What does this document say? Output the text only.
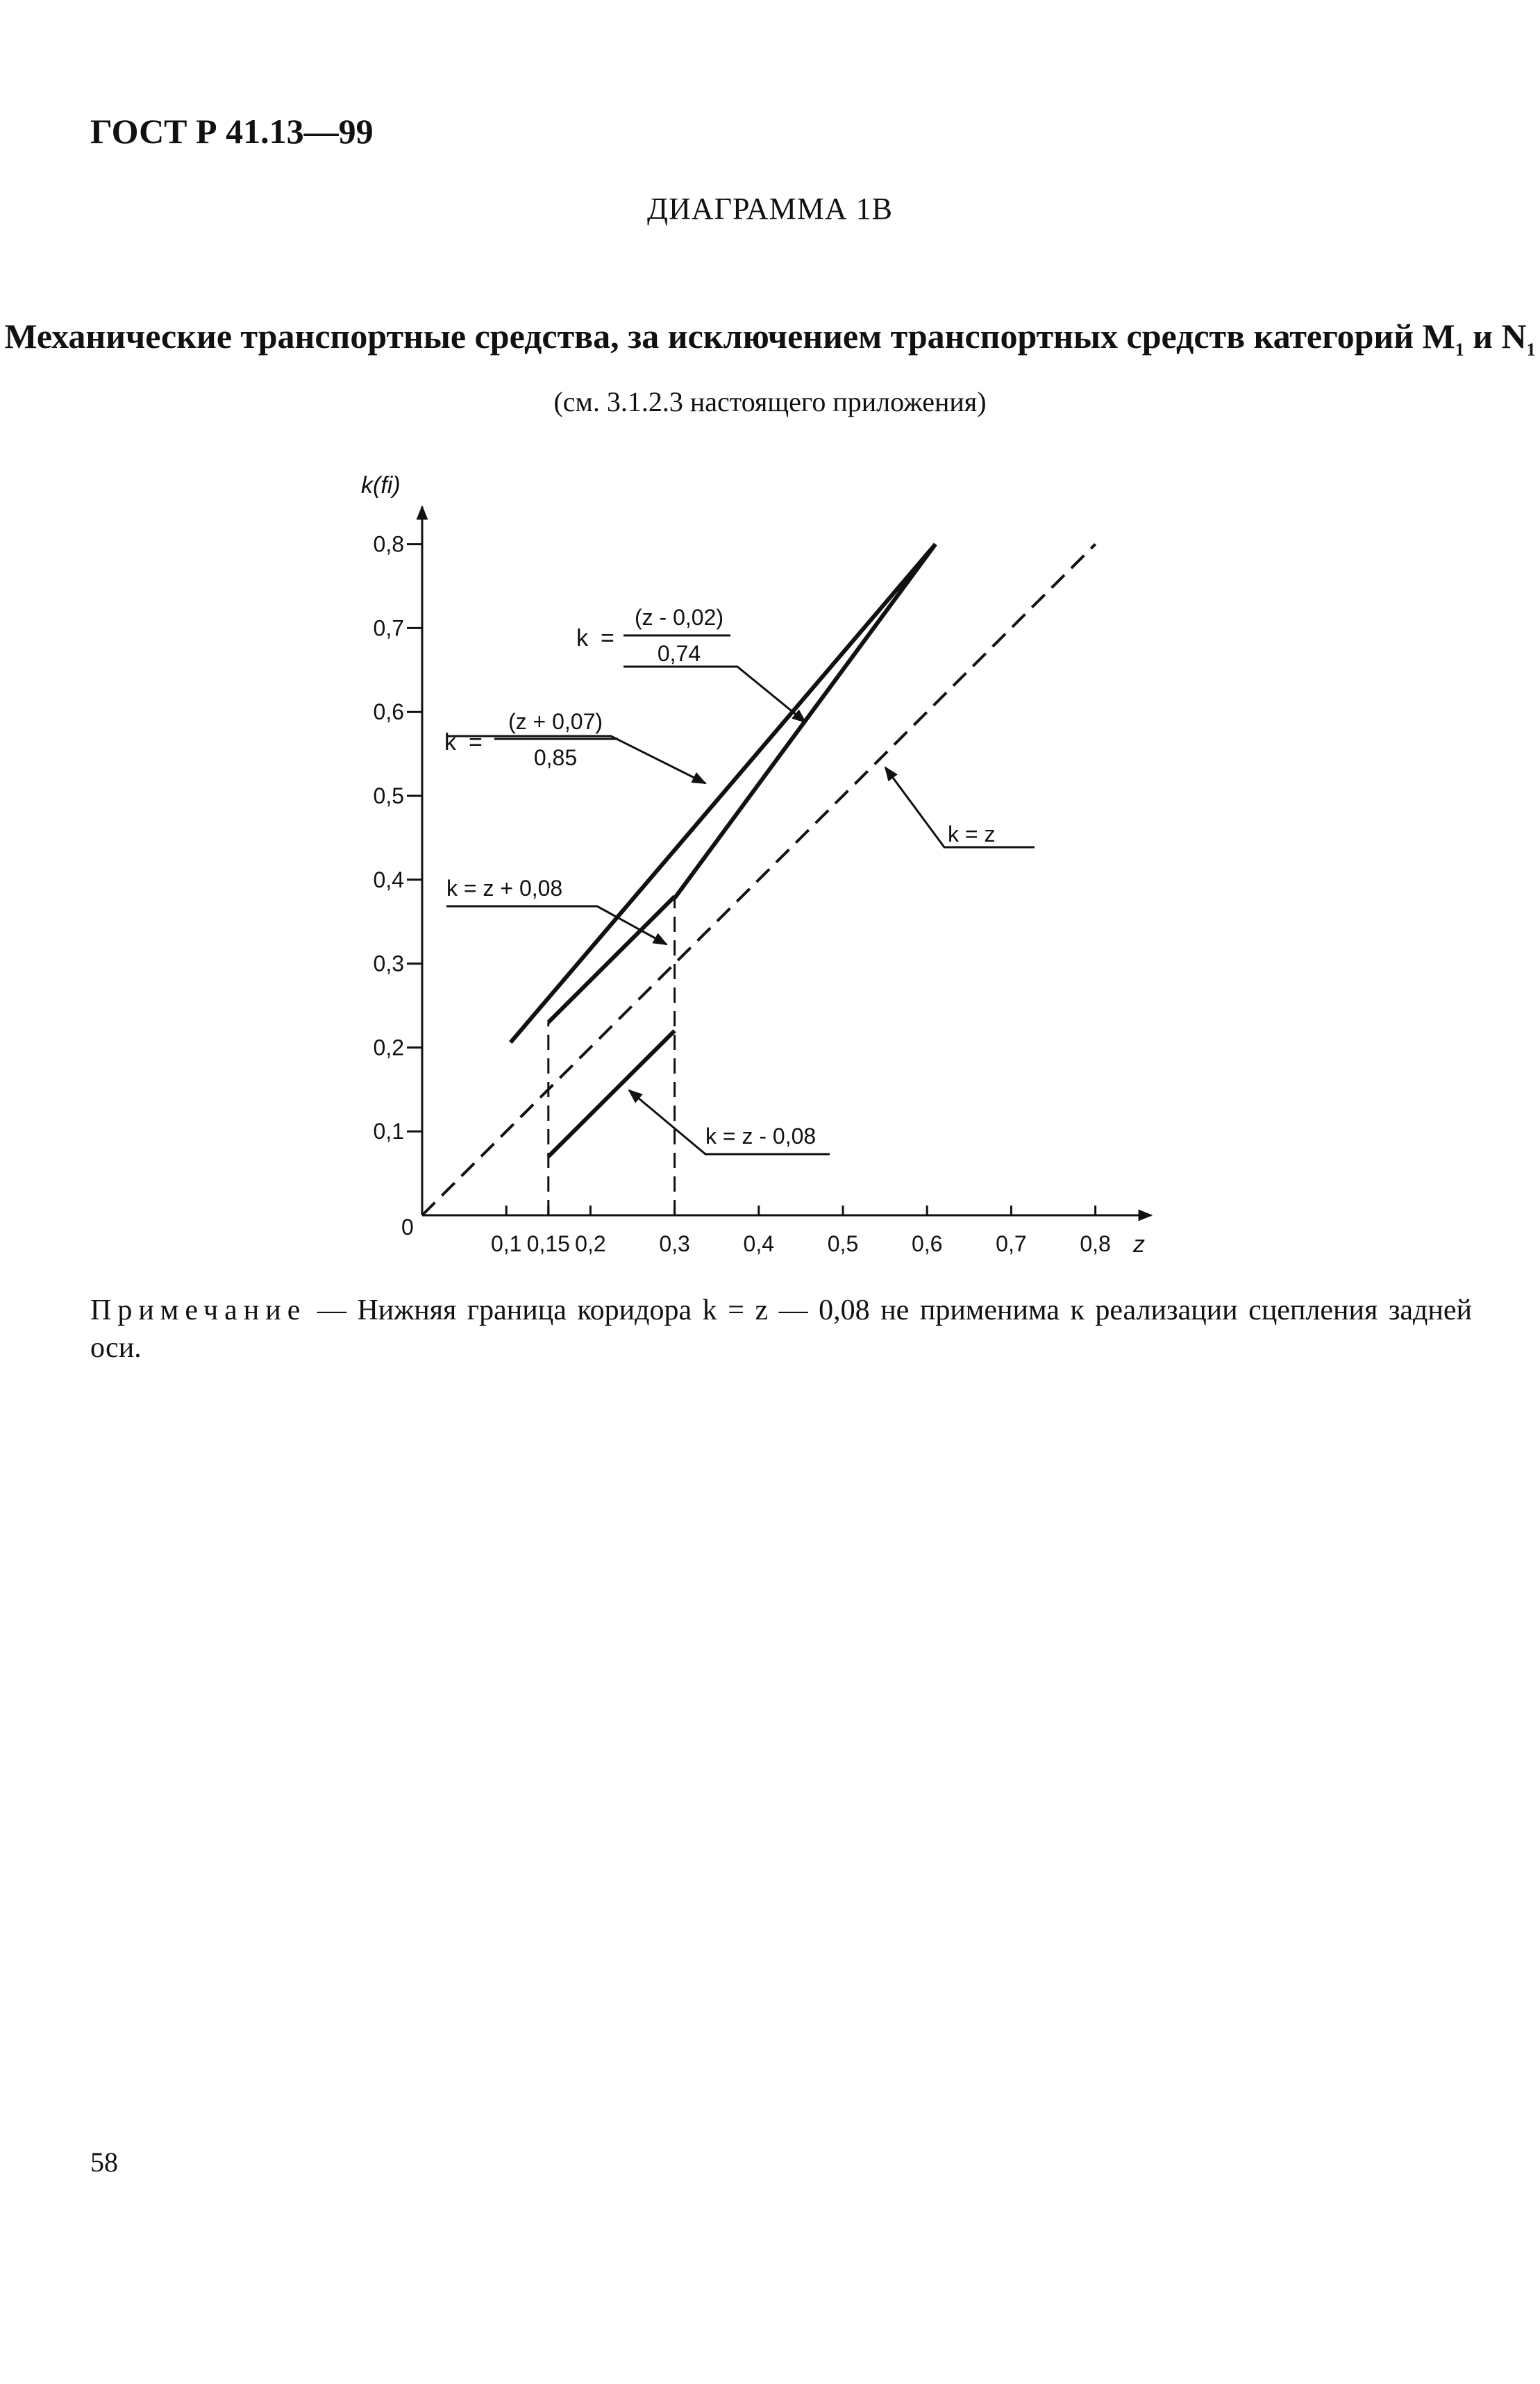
ГОСТ Р 41.13—99
ДИАГРАММА 1В
Механические транспортные средства, за исключением транспортных средств категорий $M_1$ и $N_1$
(см. 3.1.2.3 настоящего приложения)
0,1 0,15 0,2 0,3 0,4 0,5 0,6 0,7 0,8
0,1
0,2
0,3
0,4
0,5
0,6
0,7
0,8
k(fi)
z
0
k =
(z + 0,07)
0,85
k =
(z - 0,02)
0,74
k = z + 0,08
k = z - 0,08
k = z
Примечание — Нижняя граница коридора k = z — 0,08 не применима к реализации сцепления задней оси.
58
